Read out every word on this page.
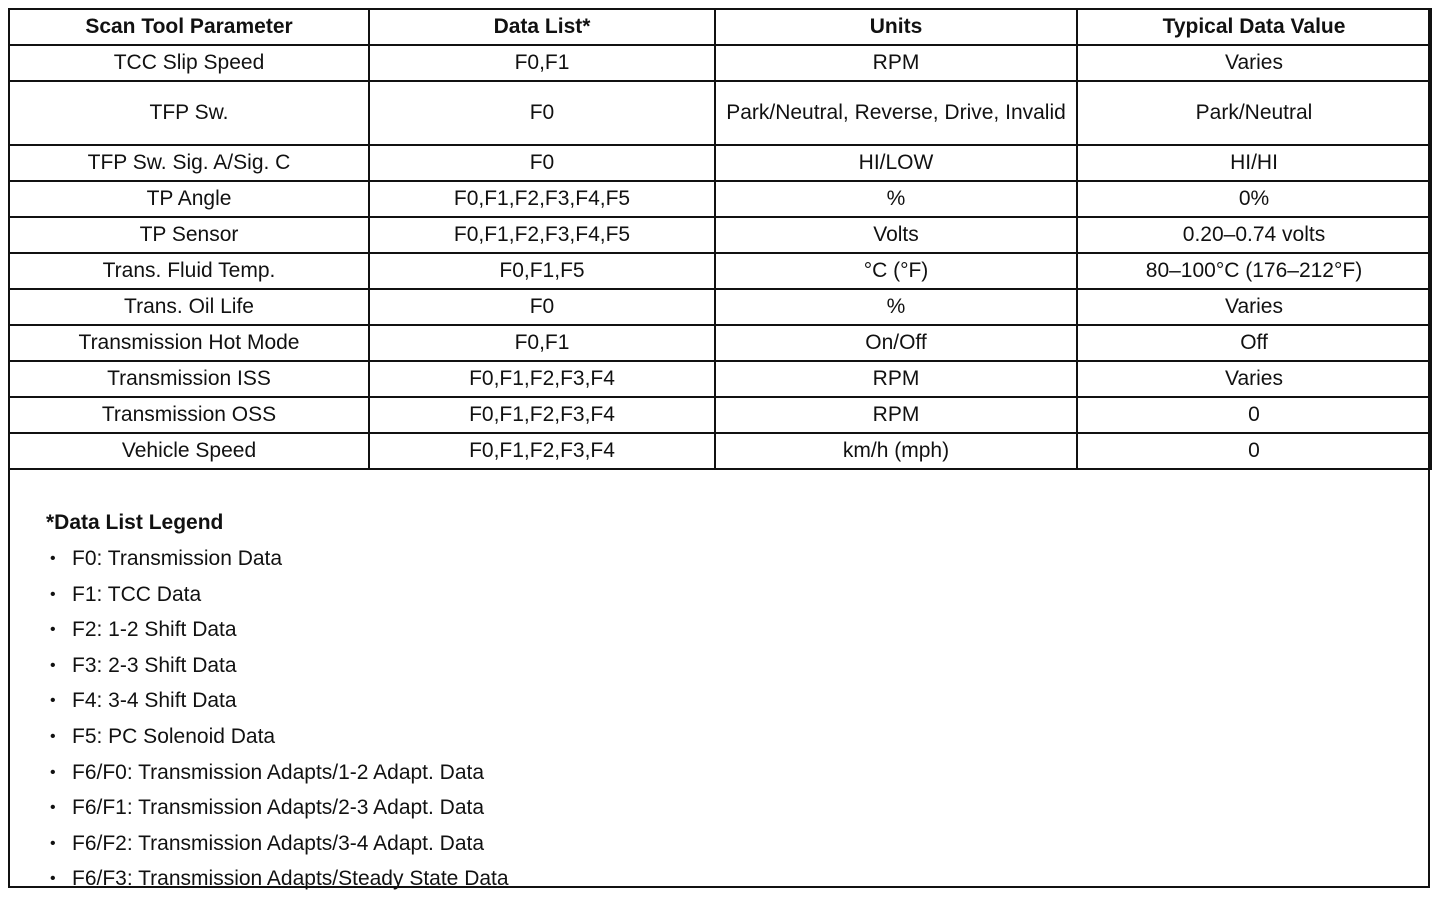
Scan Tool Parameter	Data List*	Units	Typical Data Value
TCC Slip Speed	F0,F1	RPM	Varies
TFP Sw.	F0	Park/Neutral, Reverse, Drive, Invalid	Park/Neutral
TFP Sw. Sig. A/Sig. C	F0	HI/LOW	HI/HI
TP Angle	F0,F1,F2,F3,F4,F5	%	0%
TP Sensor	F0,F1,F2,F3,F4,F5	Volts	0.20–0.74 volts
Trans. Fluid Temp.	F0,F1,F5	°C (°F)	80–100°C (176–212°F)
Trans. Oil Life	F0	%	Varies
Transmission Hot Mode	F0,F1	On/Off	Off
Transmission ISS	F0,F1,F2,F3,F4	RPM	Varies
Transmission OSS	F0,F1,F2,F3,F4	RPM	0
Vehicle Speed	F0,F1,F2,F3,F4	km/h (mph)	0
*Data List Legend
• F0: Transmission Data
• F1: TCC Data
• F2: 1-2 Shift Data
• F3: 2-3 Shift Data
• F4: 3-4 Shift Data
• F5: PC Solenoid Data
• F6/F0: Transmission Adapts/1-2 Adapt. Data
• F6/F1: Transmission Adapts/2-3 Adapt. Data
• F6/F2: Transmission Adapts/3-4 Adapt. Data
• F6/F3: Transmission Adapts/Steady State Data
